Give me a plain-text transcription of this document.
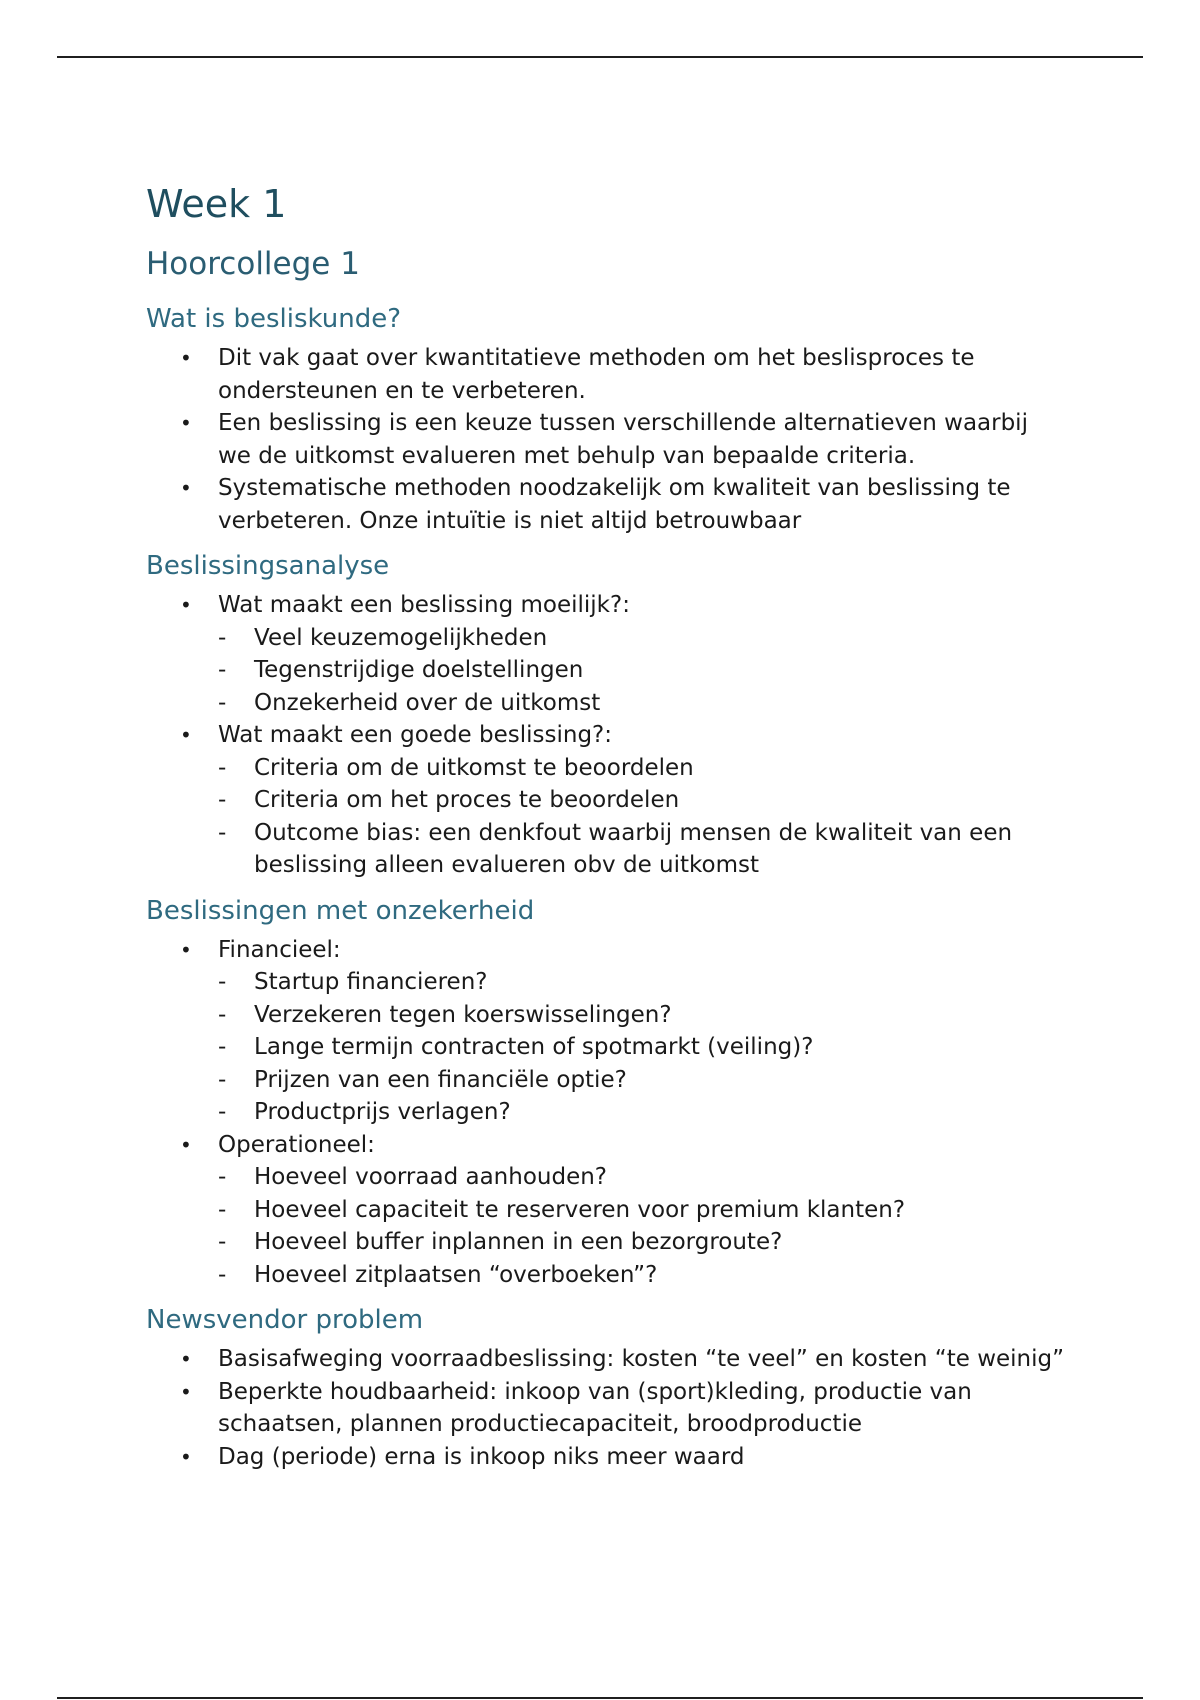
Week 1
Hoorcollege 1
Wat is besliskunde?
• Dit vak gaat over kwantitatieve methoden om het beslisproces te ondersteunen en te verbeteren.
• Een beslissing is een keuze tussen verschillende alternatieven waarbij we de uitkomst evalueren met behulp van bepaalde criteria.
• Systematische methoden noodzakelijk om kwaliteit van beslissing te verbeteren. Onze intuïtie is niet altijd betrouwbaar
Beslissingsanalyse
• Wat maakt een beslissing moeilijk?:
- Veel keuzemogelijkheden
- Tegenstrijdige doelstellingen
- Onzekerheid over de uitkomst
• Wat maakt een goede beslissing?:
- Criteria om de uitkomst te beoordelen
- Criteria om het proces te beoordelen
- Outcome bias: een denkfout waarbij mensen de kwaliteit van een beslissing alleen evalueren obv de uitkomst
Beslissingen met onzekerheid
• Financieel:
- Startup financieren?
- Verzekeren tegen koerswisselingen?
- Lange termijn contracten of spotmarkt (veiling)?
- Prijzen van een financiële optie?
- Productprijs verlagen?
• Operationeel:
- Hoeveel voorraad aanhouden?
- Hoeveel capaciteit te reserveren voor premium klanten?
- Hoeveel buffer inplannen in een bezorgroute?
- Hoeveel zitplaatsen “overboeken”?
Newsvendor problem
• Basisafweging voorraadbeslissing: kosten “te veel” en kosten “te weinig”
• Beperkte houdbaarheid: inkoop van (sport)kleding, productie van schaatsen, plannen productiecapaciteit, broodproductie
• Dag (periode) erna is inkoop niks meer waard
